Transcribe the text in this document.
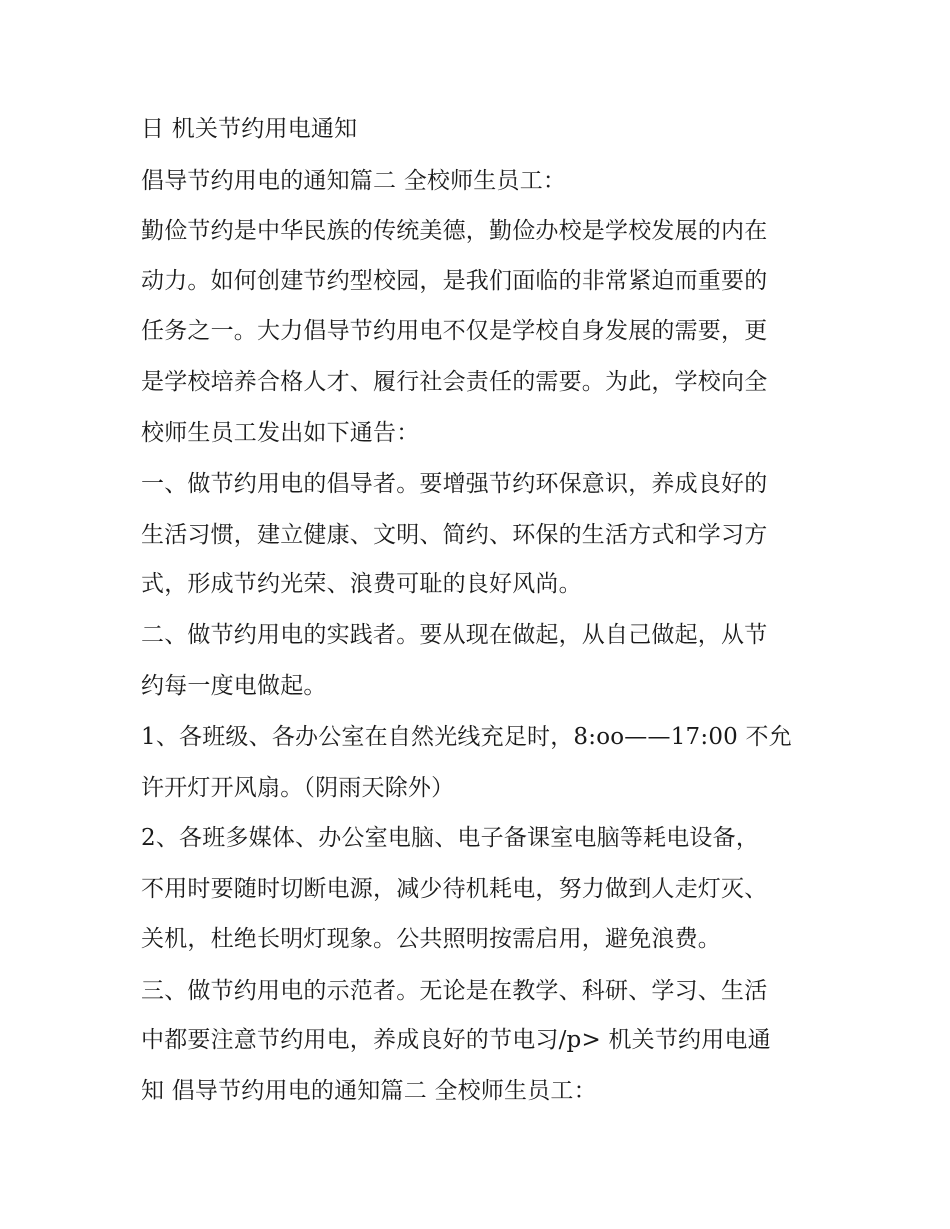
日 机关节约用电通知
倡导节约用电的通知篇二 全校师生员工：
勤俭节约是中华民族的传统美德，勤俭办校是学校发展的内在
动力。如何创建节约型校园，是我们面临的非常紧迫而重要的
任务之一。大力倡导节约用电不仅是学校自身发展的需要，更
是学校培养合格人才、履行社会责任的需要。为此，学校向全
校师生员工发出如下通告：
一、做节约用电的倡导者。要增强节约环保意识，养成良好的
生活习惯，建立健康、文明、简约、环保的生活方式和学习方
式，形成节约光荣、浪费可耻的良好风尚。
二、做节约用电的实践者。要从现在做起，从自己做起，从节
约每一度电做起。
1、各班级、各办公室在自然光线充足时，8:oo——17:00 不允
许开灯开风扇。（阴雨天除外）
2、各班多媒体、办公室电脑、电子备课室电脑等耗电设备，
不用时要随时切断电源，减少待机耗电，努力做到人走灯灭、
关机，杜绝长明灯现象。公共照明按需启用，避免浪费。
三、做节约用电的示范者。无论是在教学、科研、学习、生活
中都要注意节约用电，养成良好的节电习/p> 机关节约用电通
知 倡导节约用电的通知篇二 全校师生员工：
